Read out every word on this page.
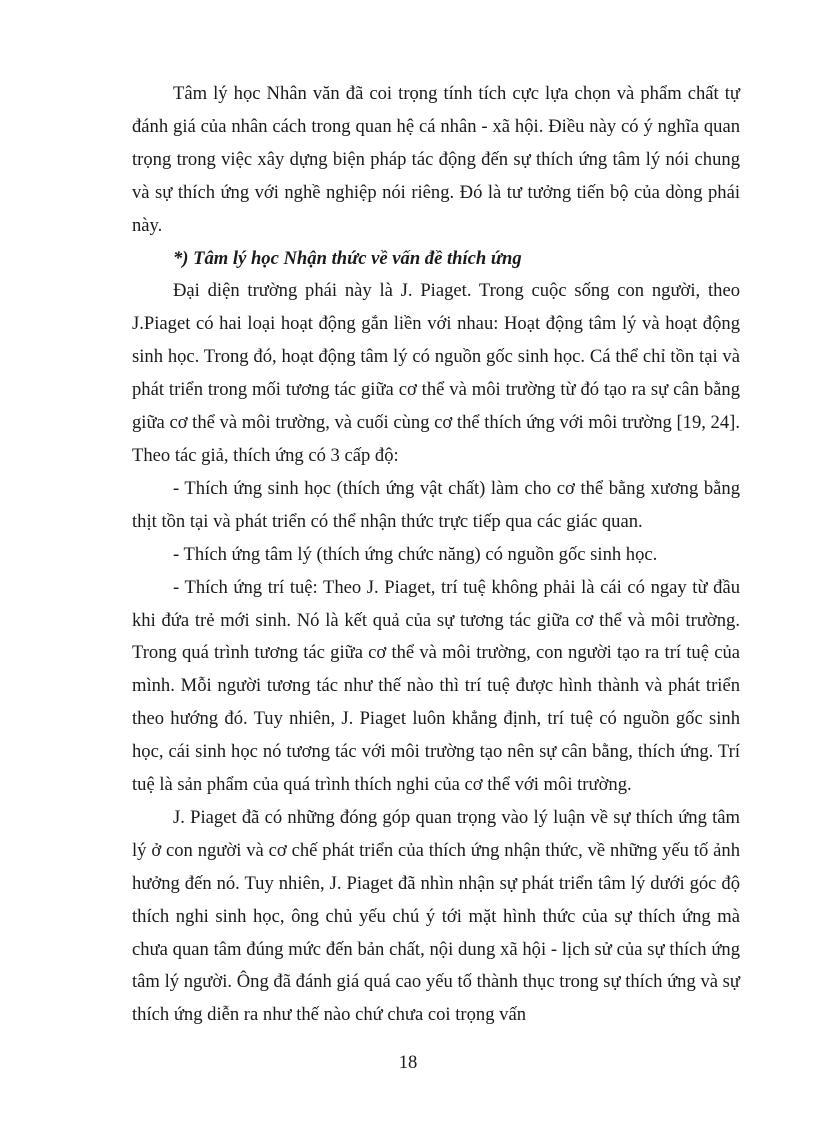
Tâm lý học Nhân văn đã coi trọng tính tích cực lựa chọn và phẩm chất tự đánh giá của nhân cách trong quan hệ cá nhân - xã hội. Điều này có ý nghĩa quan trọng trong việc xây dựng biện pháp tác động đến sự thích ứng tâm lý nói chung và sự thích ứng với nghề nghiệp nói riêng. Đó là tư tưởng tiến bộ của dòng phái này.

*) Tâm lý học Nhận thức về vấn đề thích ứng

Đại diện trường phái này là J. Piaget. Trong cuộc sống con người, theo J.Piaget có hai loại hoạt động gắn liền với nhau: Hoạt động tâm lý và hoạt động sinh học. Trong đó, hoạt động tâm lý có nguồn gốc sinh học. Cá thể chỉ tồn tại và phát triển trong mối tương tác giữa cơ thể và môi trường từ đó tạo ra sự cân bằng giữa cơ thể và môi trường, và cuối cùng cơ thể thích ứng với môi trường [19, 24]. Theo tác giả, thích ứng có 3 cấp độ:

- Thích ứng sinh học (thích ứng vật chất) làm cho cơ thể bằng xương bằng thịt tồn tại và phát triển có thể nhận thức trực tiếp qua các giác quan.

- Thích ứng tâm lý (thích ứng chức năng) có nguồn gốc sinh học.

- Thích ứng trí tuệ: Theo J. Piaget, trí tuệ không phải là cái có ngay từ đầu khi đứa trẻ mới sinh. Nó là kết quả của sự tương tác giữa cơ thể và môi trường. Trong quá trình tương tác giữa cơ thể và môi trường, con người tạo ra trí tuệ của mình. Mỗi người tương tác như thế nào thì trí tuệ được hình thành và phát triển theo hướng đó. Tuy nhiên, J. Piaget luôn khẳng định, trí tuệ có nguồn gốc sinh học, cái sinh học nó tương tác với môi trường tạo nên sự cân bằng, thích ứng. Trí tuệ là sản phẩm của quá trình thích nghi của cơ thể với môi trường.

J. Piaget đã có những đóng góp quan trọng vào lý luận về sự thích ứng tâm lý ở con người và cơ chế phát triển của thích ứng nhận thức, về những yếu tố ảnh hưởng đến nó. Tuy nhiên, J. Piaget đã nhìn nhận sự phát triển tâm lý dưới góc độ thích nghi sinh học, ông chủ yếu chú ý tới mặt hình thức của sự thích ứng mà chưa quan tâm đúng mức đến bản chất, nội dung xã hội - lịch sử của sự thích ứng tâm lý người. Ông đã đánh giá quá cao yếu tố thành thục trong sự thích ứng và sự thích ứng diễn ra như thế nào chứ chưa coi trọng vấn

18
